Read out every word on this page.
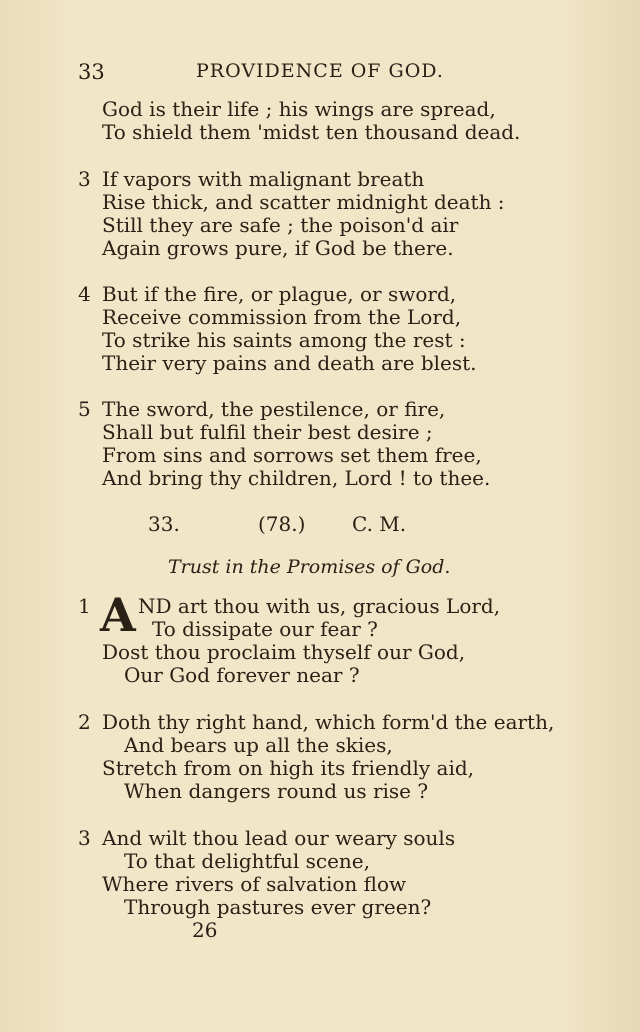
33	PROVIDENCE OF GOD.
God is their life ; his wings are spread,
To shield them 'midst ten thousand dead.
3 If vapors with malignant breath
Rise thick, and scatter midnight death :
Still they are safe ; the poison'd air
Again grows pure, if God be there.
4 But if the fire, or plague, or sword,
Receive commission from the Lord,
To strike his saints among the rest :
Their very pains and death are blest.
5 The sword, the pestilence, or fire,
Shall but fulfil their best desire ;
From sins and sorrows set them free,
And bring thy children, Lord ! to thee.
33.	(78.) C. M.
Trust in the Promises of God.
1 A ND art thou with us, gracious Lord,
To dissipate our fear ?
Dost thou proclaim thyself our God,
Our God forever near ?
2 Doth thy right hand, which form'd the earth,
And bears up all the skies,
Stretch from on high its friendly aid,
When dangers round us rise ?
3 And wilt thou lead our weary souls
To that delightful scene,
Where rivers of salvation flow
Through pastures ever green?
26
